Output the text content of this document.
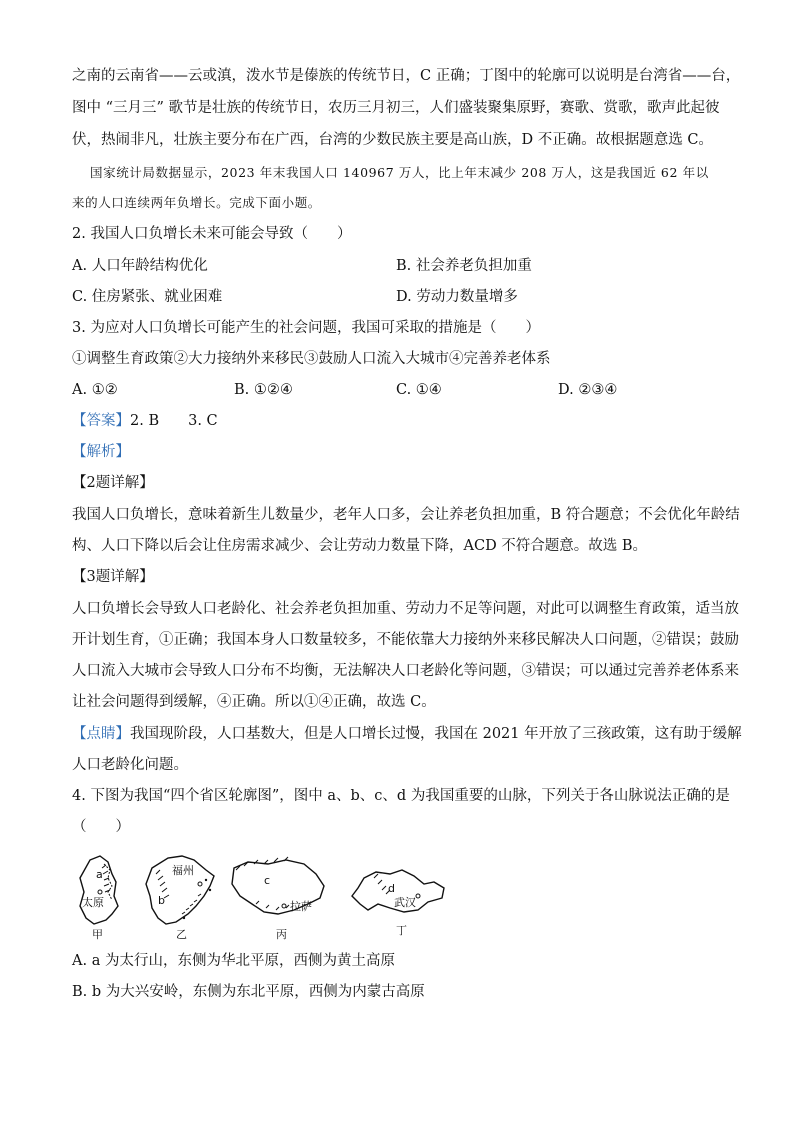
之南的云南省——云或滇，泼水节是傣族的传统节日，C 正确；丁图中的轮廓可以说明是台湾省——台，
图中 “三月三” 歌节是壮族的传统节日，农历三月初三，人们盛装聚集原野，赛歌、赏歌，歌声此起彼
伏，热闹非凡，壮族主要分布在广西，台湾的少数民族主要是高山族，D 不正确。故根据题意选 C。
国家统计局数据显示，2023 年末我国人口 140967 万人，比上年末减少 208 万人，这是我国近 62 年以
来的人口连续两年负增长。完成下面小题。
2. 我国人口负增长未来可能会导致（　　）
A. 人口年龄结构优化	B. 社会养老负担加重
C. 住房紧张、就业困难	D. 劳动力数量增多
3. 为应对人口负增长可能产生的社会问题，我国可采取的措施是（　　）
①调整生育政策②大力接纳外来移民③鼓励人口流入大城市④完善养老体系
A. ①②	B. ①②④	C. ①④	D. ②③④
【答案】2. B　　3. C
【解析】
【2题详解】
我国人口负增长，意味着新生儿数量少，老年人口多，会让养老负担加重，B 符合题意；不会优化年龄结
构、人口下降以后会让住房需求减少、会让劳动力数量下降，ACD 不符合题意。故选 B。
【3题详解】
人口负增长会导致人口老龄化、社会养老负担加重、劳动力不足等问题，对此可以调整生育政策，适当放
开计划生育，①正确；我国本身人口数量较多，不能依靠大力接纳外来移民解决人口问题，②错误；鼓励
人口流入大城市会导致人口分布不均衡，无法解决人口老龄化等问题，③错误；可以通过完善养老体系来
让社会问题得到缓解，④正确。所以①④正确，故选 C。
【点睛】我国现阶段，人口基数大，但是人口增长过慢，我国在 2021 年开放了三孩政策，这有助于缓解
人口老龄化问题。
4. 下图为我国“四个省区轮廓图”，图中 a、b、c、d 为我国重要的山脉，下列关于各山脉说法正确的是
（　　）
a
太原
甲
福州
b
乙
c
拉萨
丙
d
武汉
丁
A. a 为太行山，东侧为华北平原，西侧为黄土高原
B. b 为大兴安岭，东侧为东北平原，西侧为内蒙古高原
